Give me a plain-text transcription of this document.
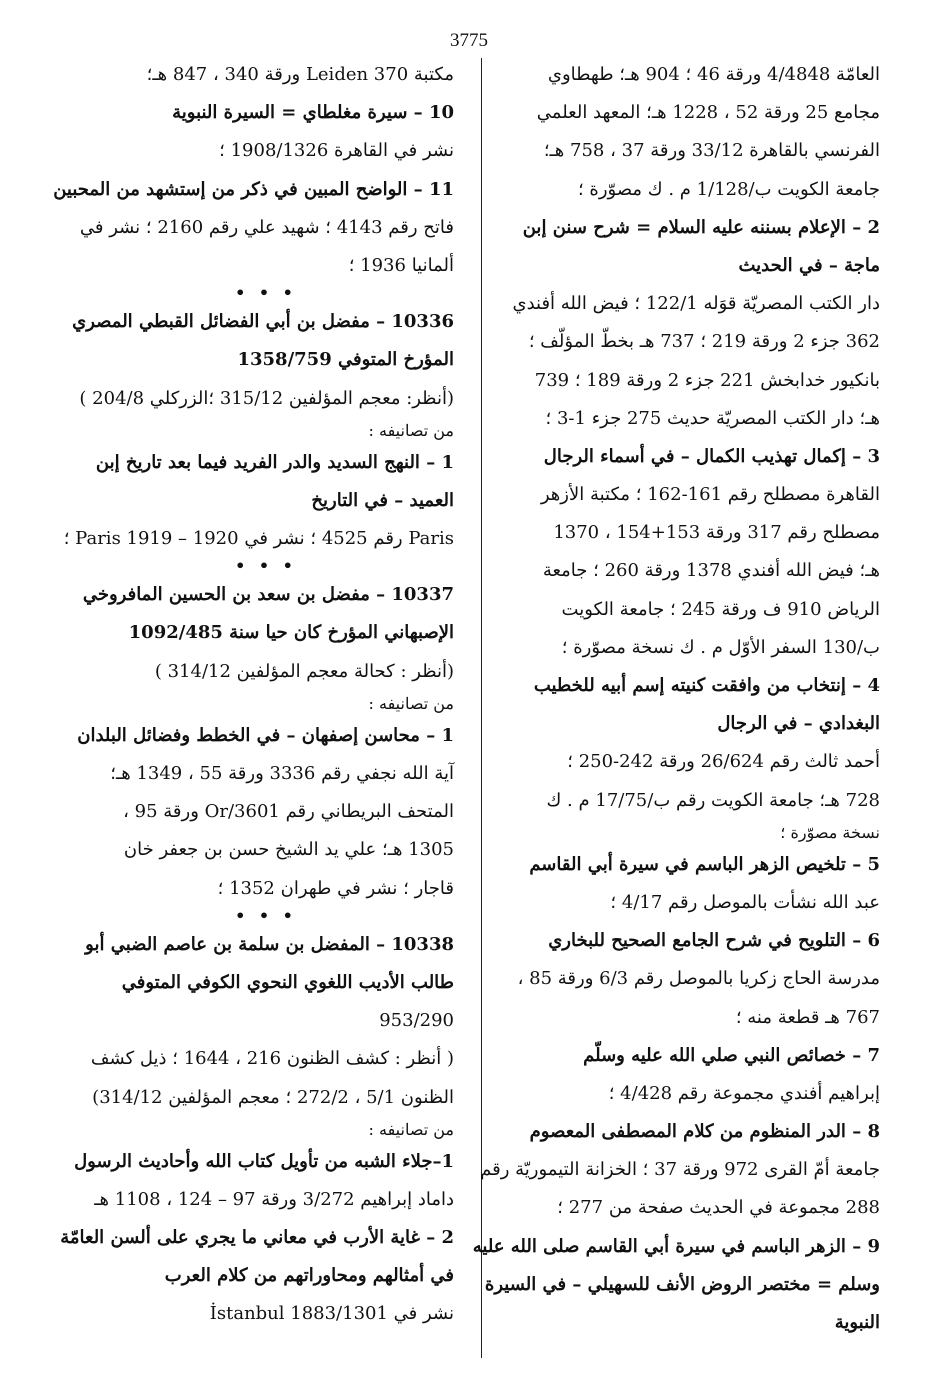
3775
العامّة 4/4848 ورقة 46 ؛ 904 هـ؛ طهطاوي
مجامع 25 ورقة 52 ، 1228 هـ؛ المعهد العلمي
الفرنسي بالقاهرة 33/12 ورقة 37 ، 758 هـ؛
جامعة الكويت ب/1/128 م . ك مصوّرة ؛
2 – الإعلام بسننه عليه السلام = شرح سنن إبن
ماجة – في الحديث
دار الكتب المصريّة قوَله 122/1 ؛ فيض الله أفندي
362 جزء 2 ورقة 219 ؛ 737 هـ بخطّ المؤلّف ؛
بانكيور خدابخش 221 جزء 2 ورقة 189 ؛ 739
هـ؛ دار الكتب المصريّة حديث 275 جزء 1-3 ؛
3 – إكمال تهذيب الكمال – في أسماء الرجال
القاهرة مصطلح رقم 161-162 ؛ مكتبة الأزهر
مصطلح رقم 317 ورقة 153+154 ، 1370
هـ؛ فيض الله أفندي 1378 ورقة 260 ؛ جامعة
الرياض 910 ف ورقة 245 ؛ جامعة الكويت
ب/130 السفر الأوّل م . ك نسخة مصوّرة ؛
4 – إنتخاب من وافقت كنيته إسم أبيه للخطيب
البغدادي – في الرجال
أحمد ثالث رقم 26/624 ورقة 242-250 ؛
728 هـ؛ جامعة الكويت رقم ب/17/75 م . ك
نسخة مصوّرة ؛
5 – تلخيص الزهر الباسم في سيرة أبي القاسم
عبد الله نشأت بالموصل رقم 4/17 ؛
6 – التلويح في شرح الجامع الصحيح للبخاري
مدرسة الحاج زكريا بالموصل رقم 6/3 ورقة 85 ،
767 هـ قطعة منه ؛
7 – خصائص النبي صلي الله عليه وسلّم
إبراهيم أفندي مجموعة رقم 4/428 ؛
8 – الدر المنظوم من كلام المصطفى المعصوم
جامعة أمّ القرى 972 ورقة 37 ؛ الخزانة التيموريّة رقم
288 مجموعة في الحديث صفحة من 277 ؛
9 – الزهر الباسم في سيرة أبي القاسم صلى الله عليه
وسلم = مختصر الروض الأنف للسهيلي – في السيرة
النبوية
مكتبة Leiden 370 ورقة 340 ، 847 هـ؛
10 – سيرة مغلطاي = السيرة النبوية
نشر في القاهرة 1908/1326 ؛
11 – الواضح المبين في ذكر من إستشهد من المحبين
فاتح رقم 4143 ؛ شهيد علي رقم 2160 ؛ نشر في
ألمانيا 1936 ؛
• • •
10336 – مفضل بن أبي الفضائل القبطي المصري
المؤرخ المتوفي 1358/759
(أنظر: معجم المؤلفين 315/12 ؛الزركلي 204/8 )
من تصانيفه :
1 – النهج السديد والدر الفريد فيما بعد تاريخ إبن
العميد – في التاريخ
Paris رقم 4525 ؛ نشر في Paris 1919 – 1920 ؛
• • •
10337 – مفضل بن سعد بن الحسين المافروخي
الإصبهاني المؤرخ كان حيا سنة 1092/485
(أنظر : كحالة معجم المؤلفين 314/12 )
من تصانيفه :
1 – محاسن إصفهان – في الخطط وفضائل البلدان
آية الله نجفي رقم 3336 ورقة 55 ، 1349 هـ؛
المتحف البريطاني رقم Or/3601 ورقة 95 ،
1305 هـ؛ علي يد الشيخ حسن بن جعفر خان
قاجار ؛ نشر في طهران 1352 ؛
• • •
10338 – المفضل بن سلمة بن عاصم الضبي أبو
طالب الأديب اللغوي النحوي الكوفي المتوفي
953/290
( أنظر : كشف الظنون 216 ، 1644 ؛ ذيل كشف
الظنون 5/1 ، 272/2 ؛ معجم المؤلفين 314/12)
من تصانيفه :
1–جلاء الشبه من تأويل كتاب الله وأحاديث الرسول
داماد إبراهيم 3/272 ورقة 97 – 124 ، 1108 هـ
2 – غاية الأرب في معاني ما يجري على ألسن العامّة
في أمثالهم ومحاوراتهم من كلام العرب
نشر في İstanbul 1883/1301
